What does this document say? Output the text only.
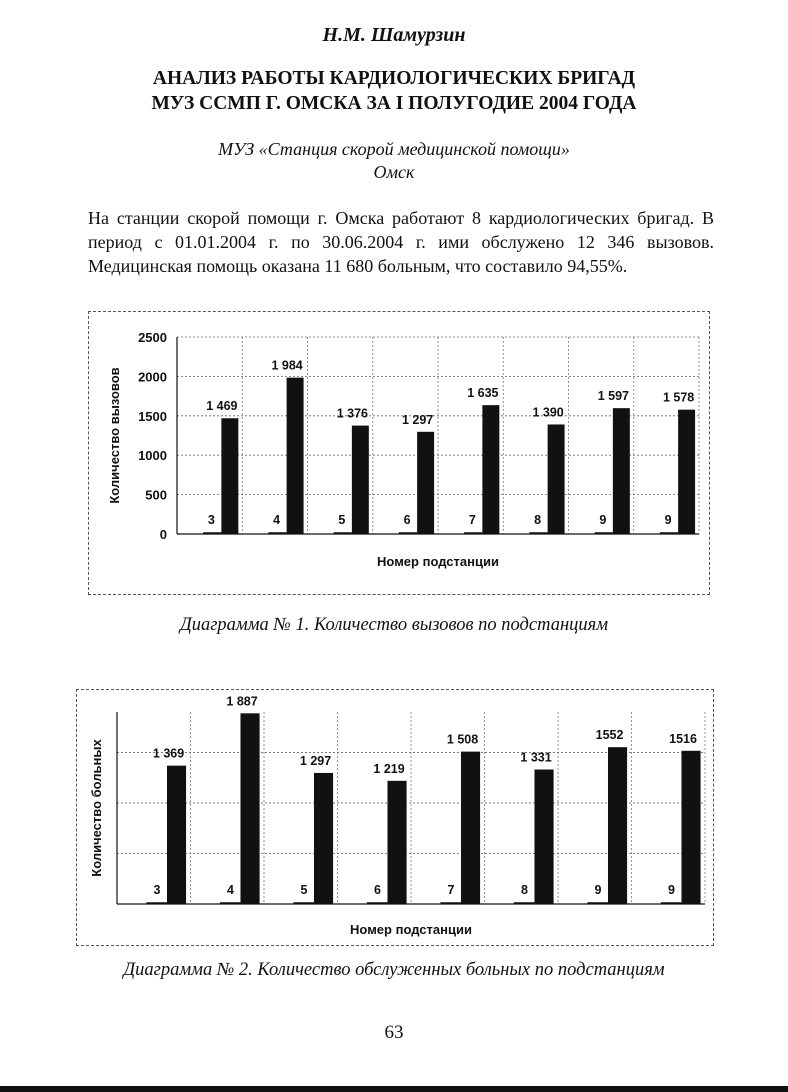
Н.М. Шамурзин
АНАЛИЗ РАБОТЫ КАРДИОЛОГИЧЕСКИХ БРИГАД
МУЗ ССМП Г. ОМСКА ЗА I ПОЛУГОДИЕ 2004 ГОДА
МУЗ «Станция скорой медицинской помощи»
Омск

На станции скорой помощи г. Омска работают 8 кардиологических бригад. В период с 01.01.2004 г. по 30.06.2004 г. ими обслужено 12 346 вызовов. Медицинская помощь оказана 11 680 больным, что составило 94,55%.

0
500
1000
1500
2000
2500
1 469
3
1 984
4
1 376
5
1 297
6
1 635
7
1 390
8
1 597
9
1 578
9
Номер подстанции
Количество вызовов
Диаграмма № 1. Количество вызовов по подстанциям
1 369
3
1 887
4
1 297
5
1 219
6
1 508
7
1 331
8
1552
9
1516
9
Номер подстанции
Количество больных
Диаграмма № 2. Количество обслуженных больных по подстанциям
63
